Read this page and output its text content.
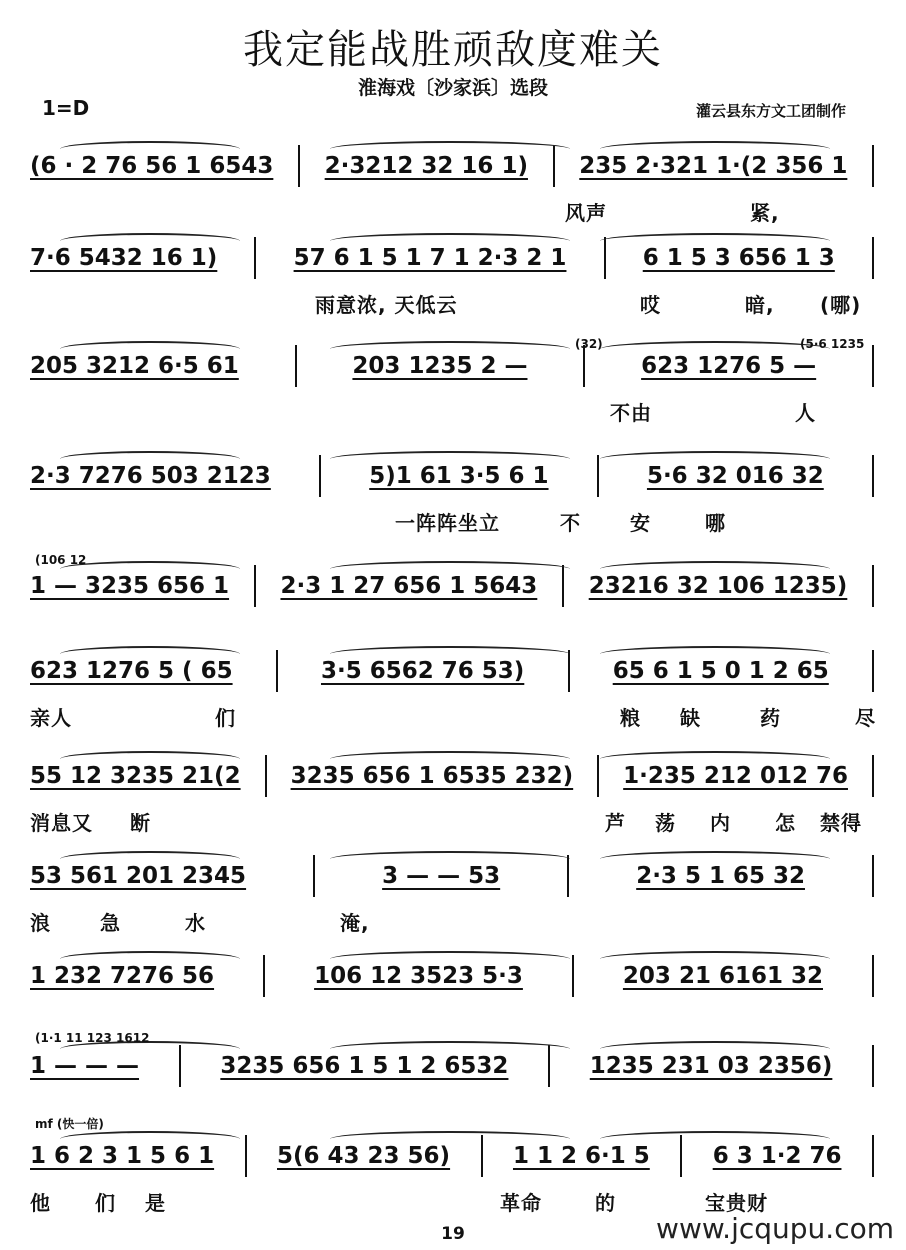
我定能战胜顽敌度难关
淮海戏〔沙家浜〕选段
1=D	灌云县东方文工团制作
(6 · 2 76 56 1 6543 2·3212 32 16 1) 235 2·321 1·(2 356 1
风声	紧,
7·6 5432 16 1)	57 6 1 5 1 7 1 2·3 2 1	6 1 5 3 656 1 3
雨意浓, 天低云	哎	暗, (哪)
205 3212 6·5 61	203 1235 2 —	623 1276 5 —
(32)	(5·6 1235
不由	人
2·3 7276 503 2123	5)1 61 3·5 6 1	5·6 32 016 32
一阵阵坐立	不 安	哪
1 — 3235 656 1 2·3 1 27 656 1 5643 23216 32 106 1235)
(106 12
623 1276 5 ( 65	3·5 6562 76 53)	65 6 1 5 0 1 2 65
亲人	们	粮 缺	药	尽
55 12 3235 21(2 3235 656 1 6535 232) 1·235 212 012 76
消息又 断	芦 荡 内 怎 禁得
53 561 201 2345	3 — — 53	2·3 5 1 65 32
浪 急	水	淹,
1 232 7276 56	106 12 3523 5·3	203 21 6161 32
1 — — —	3235 656 1 5 1 2 6532	1235 231 03 2356)
(1·1 11 123 1612
1 6 2 3 1 5 6 1	5(6 43 23 56)	1 1 2 6·1 5	6 3 1·2 76
mf (快一倍)
他 们 是	革命	的	宝贵财
19	www.jcqupu.com
